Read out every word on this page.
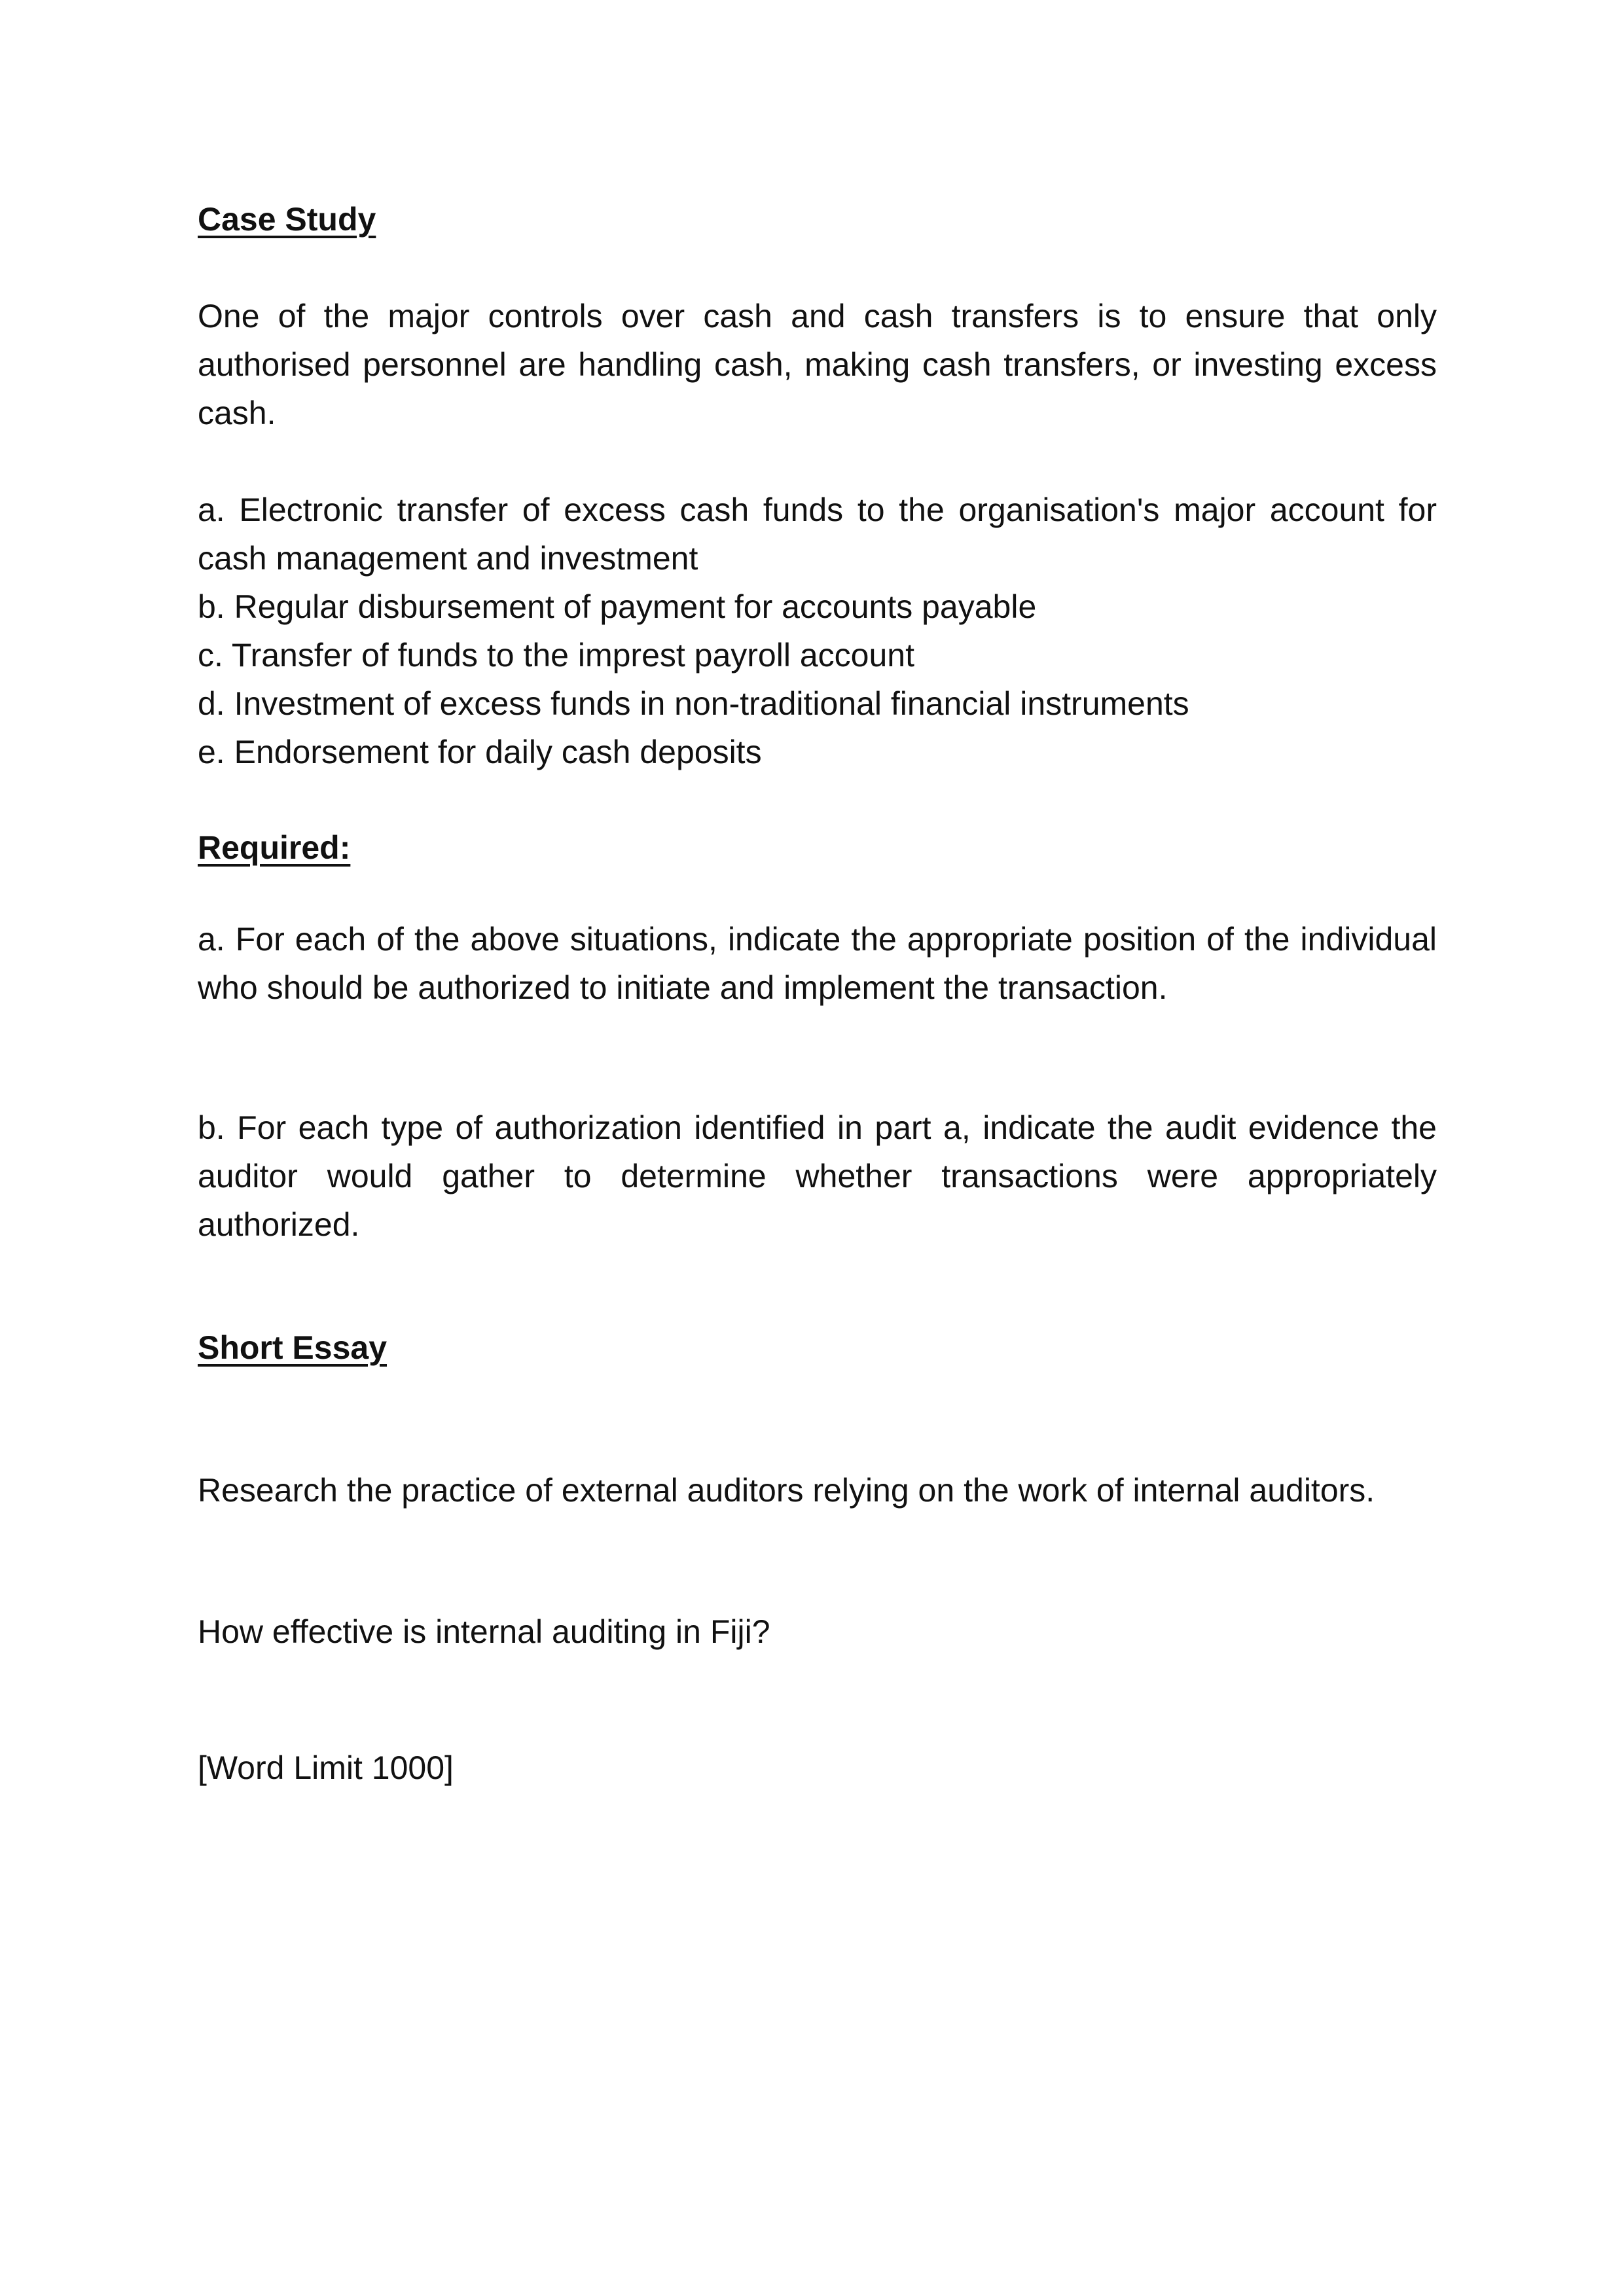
Case Study

One of the major controls over cash and cash transfers is to ensure that only authorised personnel are handling cash, making cash transfers, or investing excess cash.

a. Electronic transfer of excess cash funds to the organisation's major account for cash management and investment
b. Regular disbursement of payment for accounts payable
c. Transfer of funds to the imprest payroll account
d. Investment of excess funds in non-traditional financial instruments
e. Endorsement for daily cash deposits
Required:

a. For each of the above situations, indicate the appropriate position of the individual who should be authorized to initiate and implement the transaction.

b. For each type of authorization identified in part a, indicate the audit evidence the auditor would gather to determine whether transactions were appropriately authorized.

Short Essay

Research the practice of external auditors relying on the work of internal auditors.

How effective is internal auditing in Fiji?

[Word Limit 1000]
